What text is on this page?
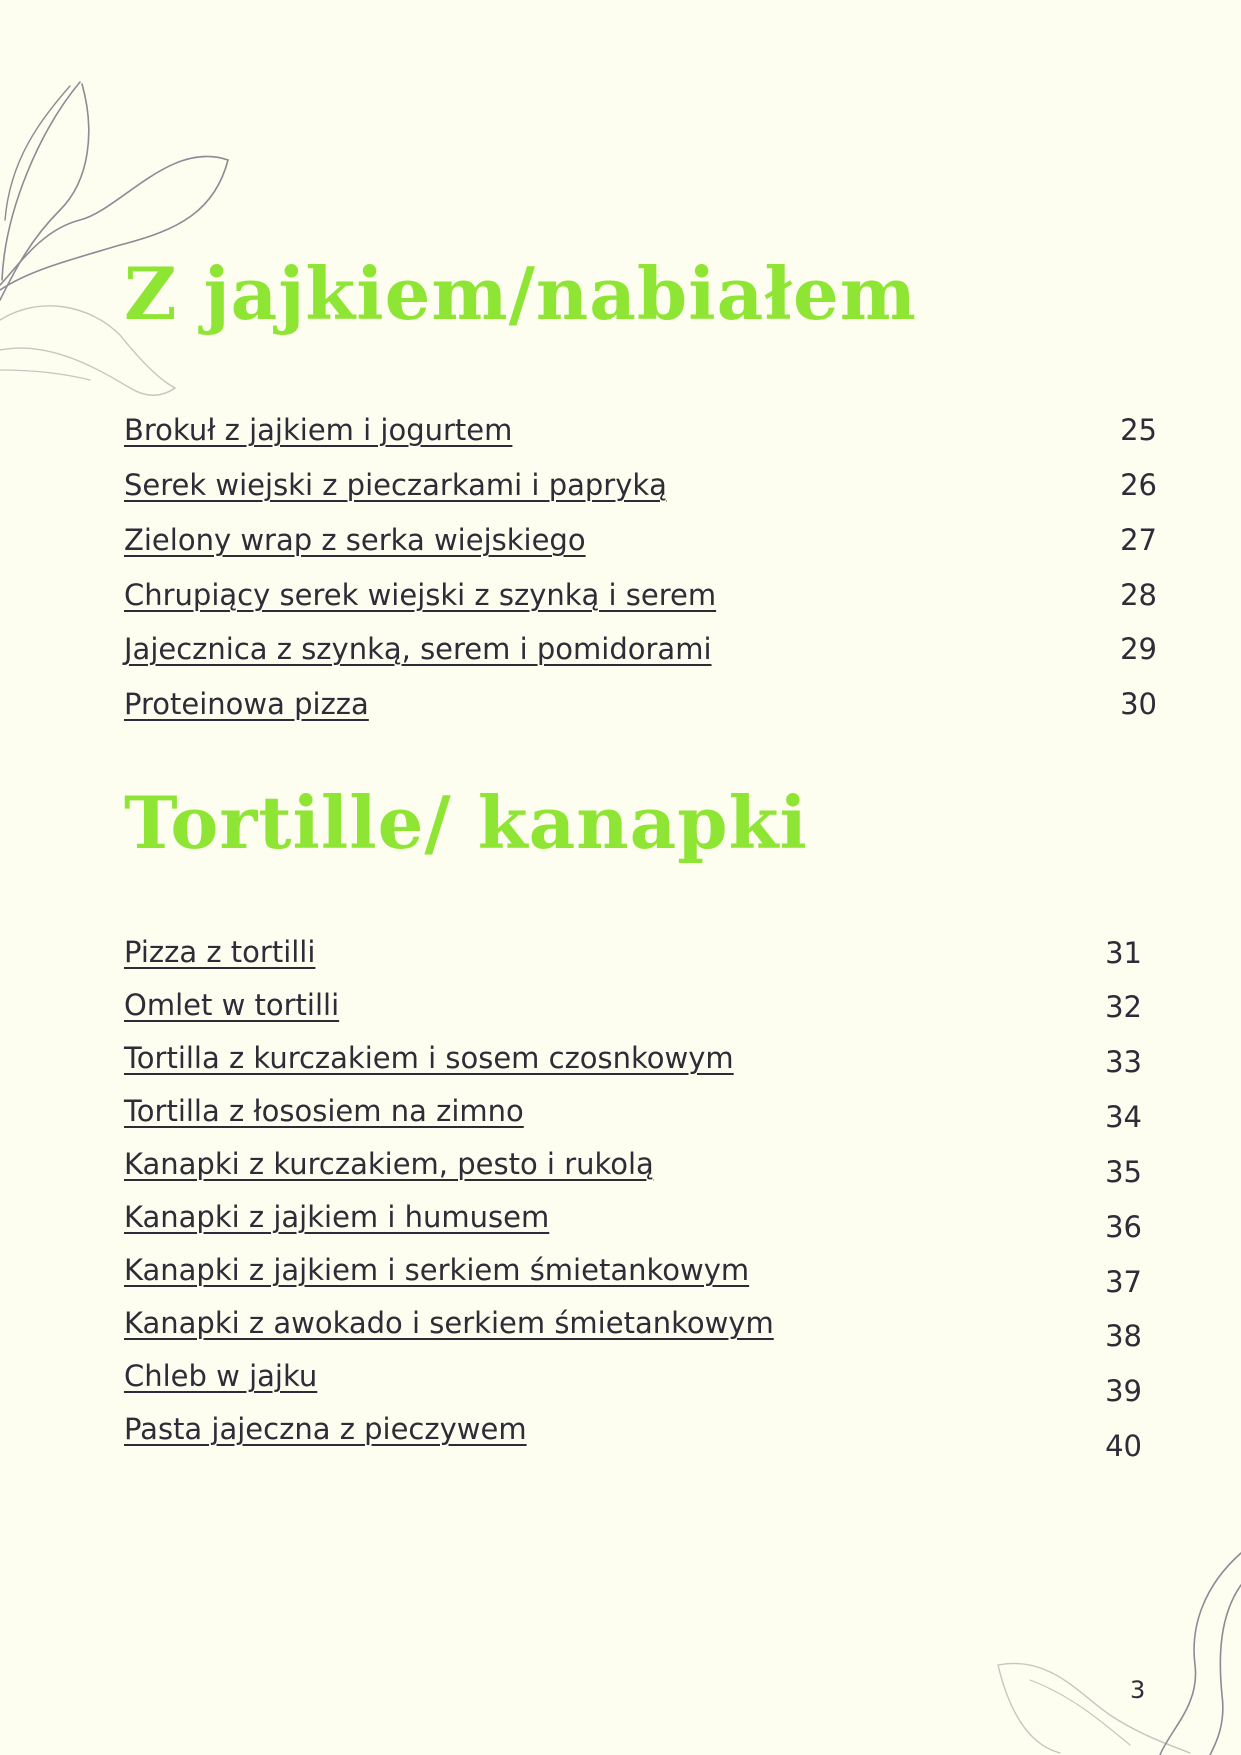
Z jajkiem/nabiałem
Brokuł z jajkiem i jogurtem	25
Serek wiejski z pieczarkami i papryką	26
Zielony wrap z serka wiejskiego	27
Chrupiący serek wiejski z szynką i serem	28
Jajecznica z szynką, serem i pomidorami	29
Proteinowa pizza	30
Tortille/ kanapki
Pizza z tortilli	31
Omlet w tortilli	32
Tortilla z kurczakiem i sosem czosnkowym	33
Tortilla z łososiem na zimno	34
Kanapki z kurczakiem, pesto i rukolą	35
Kanapki z jajkiem i humusem	36
Kanapki z jajkiem i serkiem śmietankowym	37
Kanapki z awokado i serkiem śmietankowym	38
Chleb w jajku	39
Pasta jajeczna z pieczywem	40
3
